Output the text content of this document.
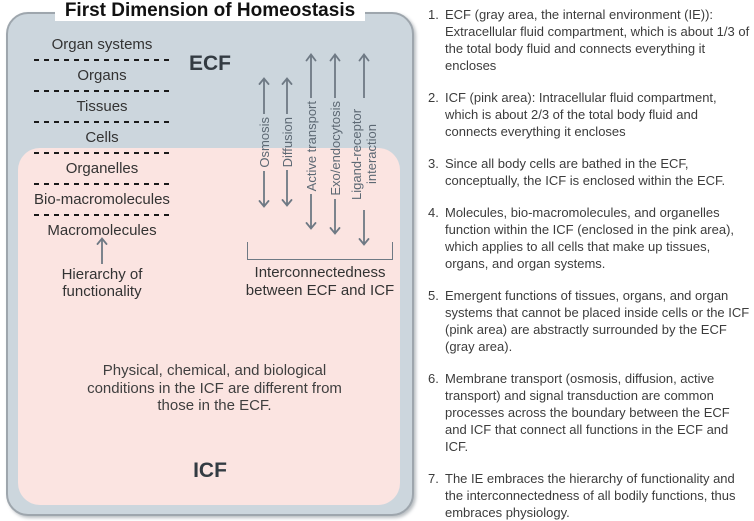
ECF
ICF
Organ systems
Organs
Tissues
Cells
Organelles
Bio-macromolecules
Macromolecules
Hierarchy of functionality
Osmosis Diffusion Active transport Exo/endocytosis Ligand-receptor interaction
Interconnectedness between ECF and ICF
Physical, chemical, and biological conditions in the ICF are different from those in the ECF.
First Dimension of Homeostasis	1. ECF (gray area, the internal environment (IE)): Extracellular fluid compartment, which is about 1/3 of the total body fluid and connects everything it encloses
2. ICF (pink area): Intracellular fluid compartment, which is about 2/3 of the total body fluid and connects everything it encloses
3. Since all body cells are bathed in the ECF, conceptually, the ICF is enclosed within the ECF.
4. Molecules, bio-macromolecules, and organelles function within the ICF (enclosed in the pink area), which applies to all cells that make up tissues, organs, and organ systems.
5. Emergent functions of tissues, organs, and organ systems that cannot be placed inside cells or the ICF (pink area) are abstractly surrounded by the ECF (gray area).
6. Membrane transport (osmosis, diffusion, active transport) and signal transduction are common processes across the boundary between the ECF and ICF that connect all functions in the ECF and ICF.
7. The IE embraces the hierarchy of functionality and the interconnectedness of all bodily functions, thus embraces physiology.
